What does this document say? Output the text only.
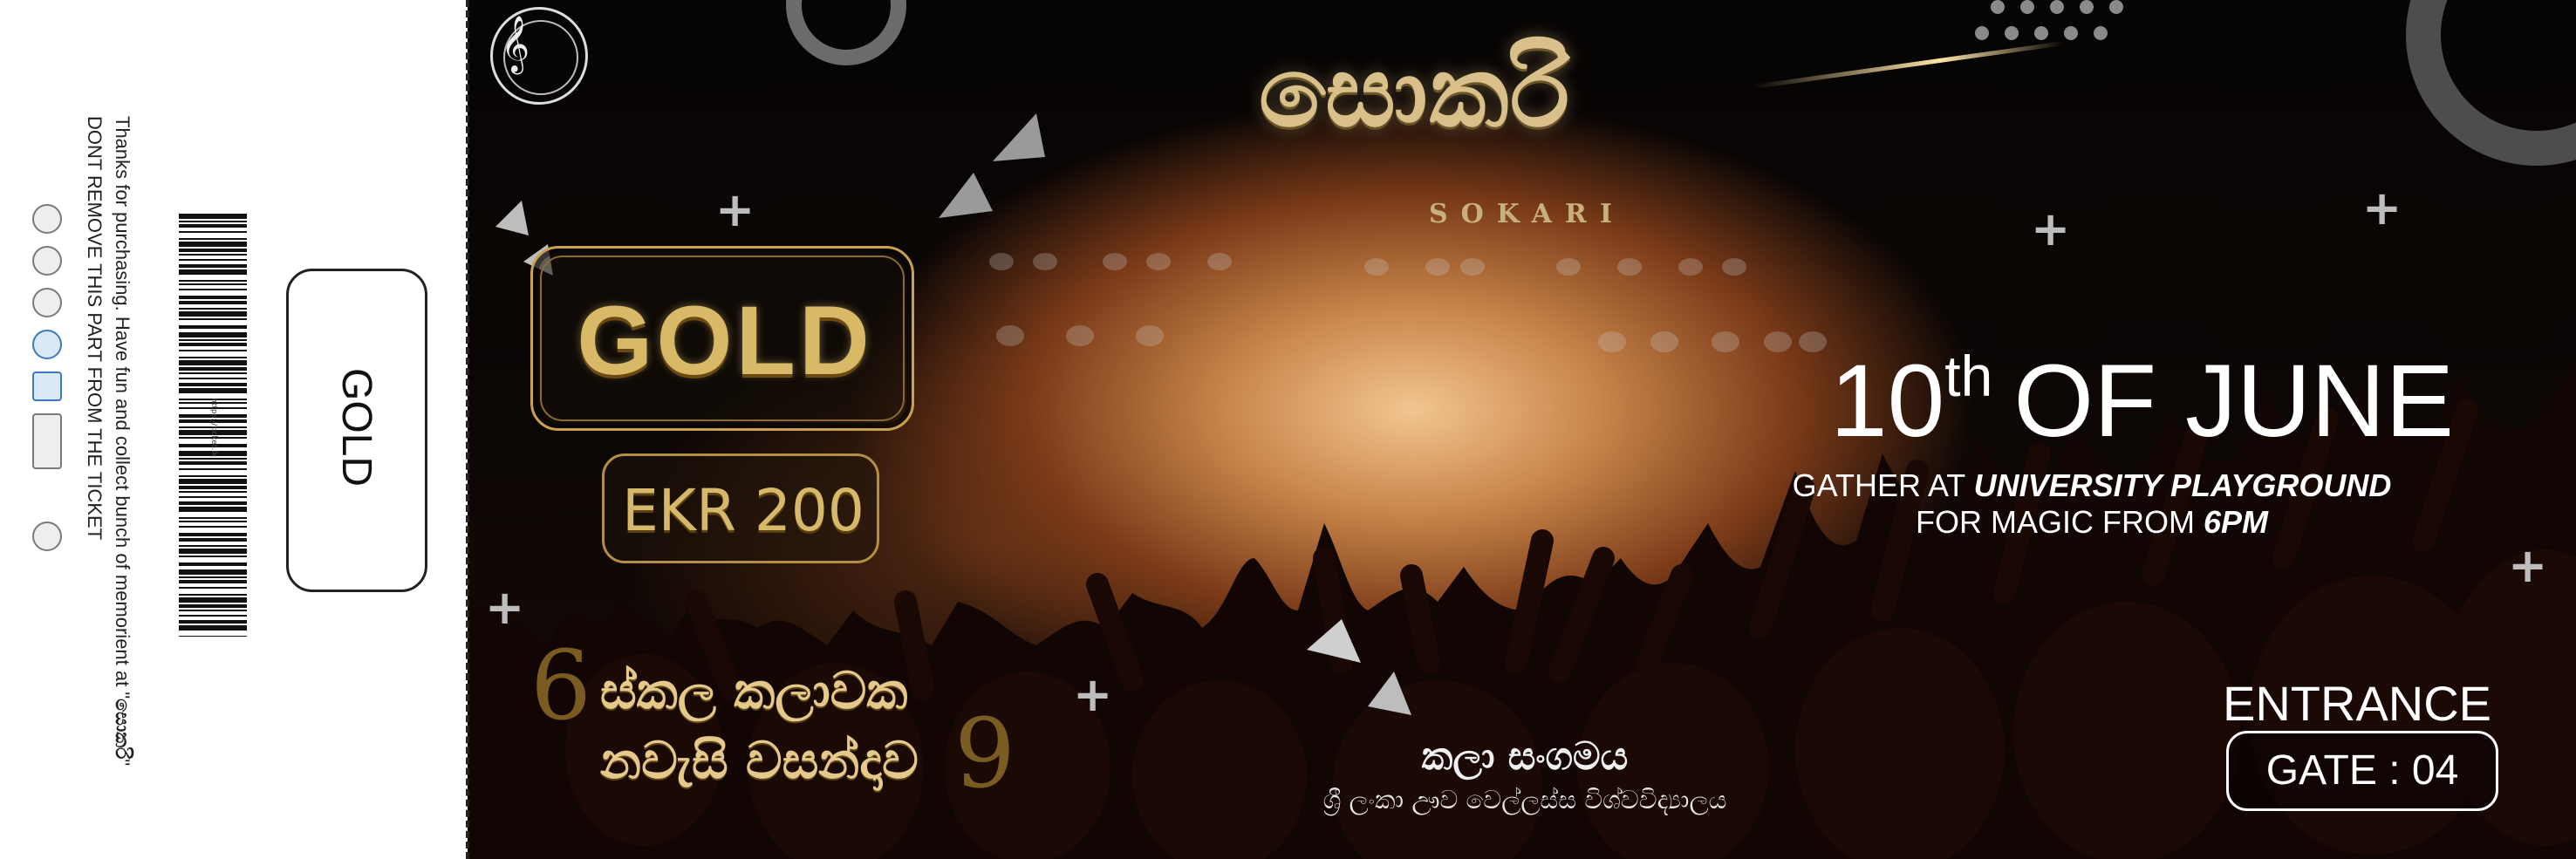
Thanks for purchasing. Have fun and collect bunch of memorient at "සොකරි"
DONT REMOVE THIS PART FROM THE TICKET	https://ticket.lk	GOLD
+	+	+
+
+
+
𝄞	සොකරි
SOKARI
GOLD
EKR 200
6 ස්කල කලාවක
නවැසි වසන්දාව 9	කලා සංගමය
ශ්‍රී ලංකා ඌව වෙල්ලස්ස විශ්වවිද්‍යාලය
10th OF JUNE
GATHER AT UNIVERSITY PLAYGROUND
FOR MAGIC FROM 6PM
ENTRANCE
GATE : 04
